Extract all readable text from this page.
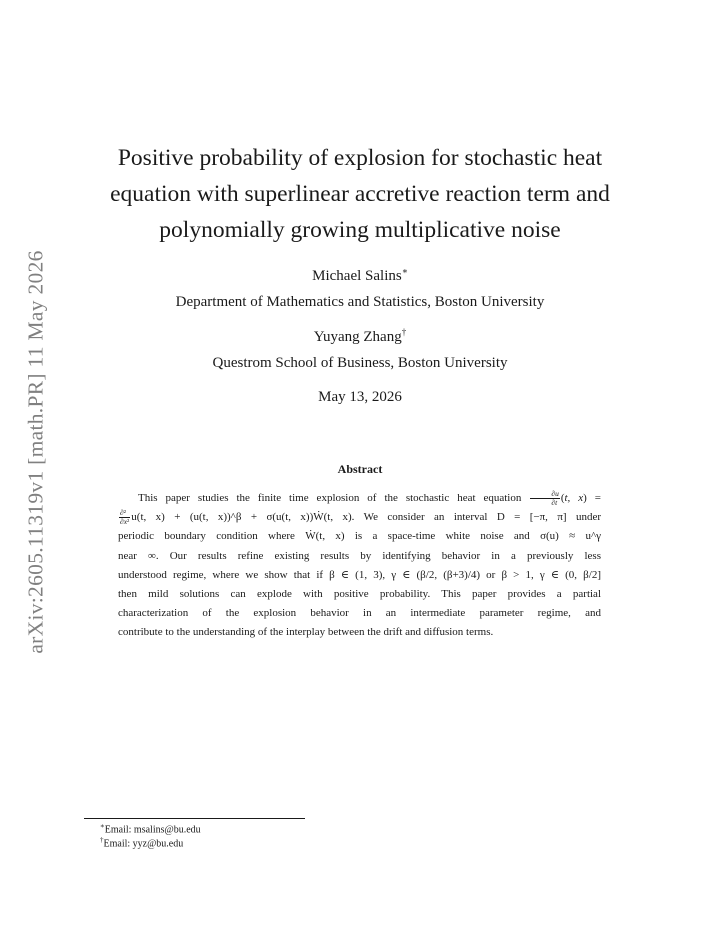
arXiv:2605.11319v1 [math.PR] 11 May 2026
Positive probability of explosion for stochastic heat
equation with superlinear accretive reaction term and
polynomially growing multiplicative noise
Michael Salins∗
Department of Mathematics and Statistics, Boston University
Yuyang Zhang†
Questrom School of Business, Boston University
May 13, 2026
Abstract
This paper studies the finite time explosion of the stochastic heat equation $\frac{\partial u}{\partial t} (t$, x) =
$\frac{\text{∂²}}{\text{∂x²}} u(t$, x) + (u(t, x))^β + σ(u(t, x))Ẇ(t, x). We consider an interval D = [−π, π] under
periodic boundary condition where Ẇ(t, x) is a space-time white noise and σ(u) ≈ u^γ
near ∞. Our results refine existing results by identifying behavior in a previously less
understood regime, where we show that if β ∈ (1, 3), γ ∈ (β/2, (β+3)/4) or β > 1, γ ∈ (0, β/2]
then mild solutions can explode with positive probability. This paper provides a partial
characterization of the explosion behavior in an intermediate parameter regime, and
contribute to the understanding of the interplay between the drift and diffusion terms.
∗Email: msalins@bu.edu
†Email: yyz@bu.edu
